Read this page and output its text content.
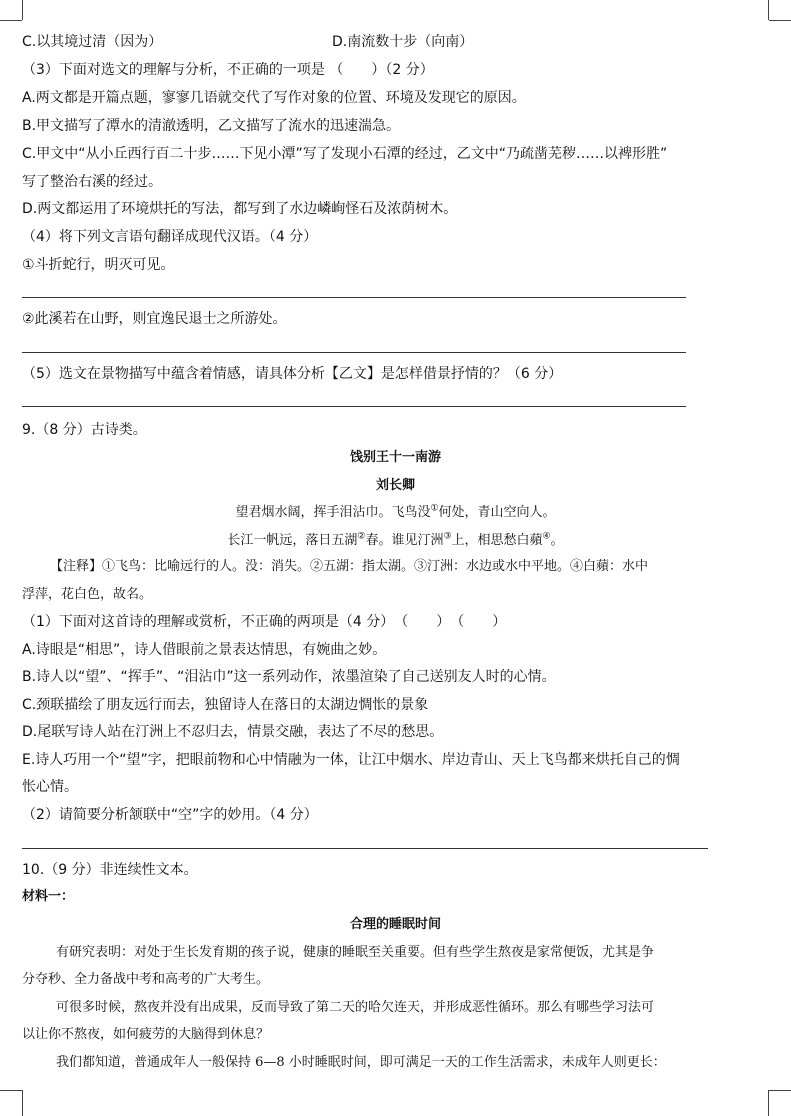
C.以其境过清（因为）	D.南流数十步（向南）
（3）下面对选文的理解与分析，不正确的一项是 （　　）（2 分）
A.两文都是开篇点题，寥寥几语就交代了写作对象的位置、环境及发现它的原因。
B.甲文描写了潭水的清澈透明，乙文描写了流水的迅速湍急。
C.甲文中“从小丘西行百二十步……下见小潭”写了发现小石潭的经过，乙文中“乃疏凿芜秽……以裨形胜”
写了整治右溪的经过。
D.两文都运用了环境烘托的写法，都写到了水边嶙峋怪石及浓荫树木。
（4）将下列文言语句翻译成现代汉语。（4 分）
①斗折蛇行，明灭可见。
②此溪若在山野，则宜逸民退士之所游处。
（5）选文在景物描写中蕴含着情感，请具体分析【乙文】是怎样借景抒情的？（6 分）
9.（8 分）古诗类。
饯别王十一南游
刘长卿
望君烟水阔，挥手泪沾巾。飞鸟没①何处，青山空向人。
长江一帆远，落日五湖②春。谁见汀洲③上，相思愁白蘋④。
【注释】①飞鸟：比喻远行的人。没：消失。②五湖：指太湖。③汀洲：水边或水中平地。④白蘋：水中
浮萍，花白色，故名。
（1）下面对这首诗的理解或赏析，不正确的两项是（4 分）　（　　）　（　　）
A.诗眼是“相思”，诗人借眼前之景表达情思，有婉曲之妙。
B.诗人以“望”、“挥手”、“泪沾巾”这一系列动作，浓墨渲染了自己送别友人时的心情。
C.颈联描绘了朋友远行而去，独留诗人在落日的太湖边惆怅的景象
D.尾联写诗人站在汀洲上不忍归去，情景交融，表达了不尽的愁思。
E.诗人巧用一个“望”字，把眼前物和心中情融为一体，让江中烟水、岸边青山、天上飞鸟都来烘托自己的惆
怅心情。
（2）请简要分析颔联中“空”字的妙用。（4 分）
10.（9 分）非连续性文本。
材料一：
合理的睡眠时间
有研究表明：对处于生长发育期的孩子说，健康的睡眠至关重要。但有些学生熬夜是家常便饭，尤其是争
分夺秒、全力备战中考和高考的广大考生。
可很多时候，熬夜并没有出成果，反而导致了第二天的哈欠连天，并形成恶性循环。那么有哪些学习法可
以让你不熬夜，如何疲劳的大脑得到休息？
我们都知道，普通成年人一般保持 6—8 小时睡眠时间，即可满足一天的工作生活需求，未成年人则更长：
